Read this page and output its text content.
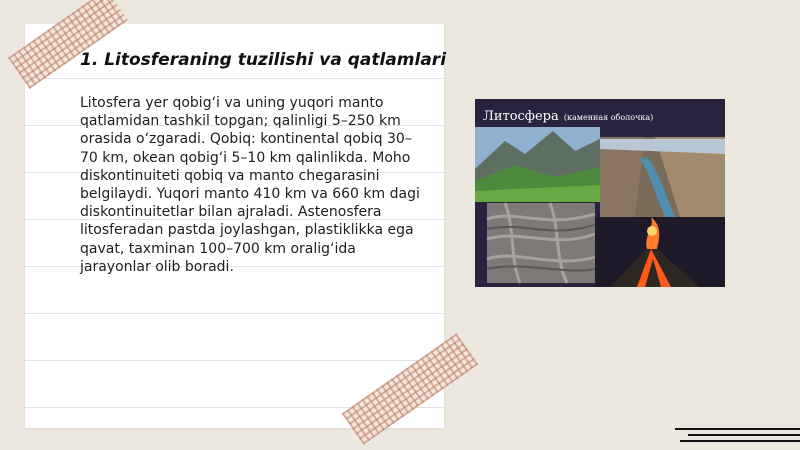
1. Litosferaning tuzilishi va qatlamlari

Litosfera yer qobig‘i va uning yuqori manto qatlamidan tashkil topgan; qalinligi 5–250 km orasida o‘zgaradi. Qobiq: kontinental qobiq 30–70 km, okean qobig‘i 5–10 km qalinlikda. Moho diskontinuiteti qobiq va manto chegarasini belgilaydi. Yuqori manto 410 km va 660 km dagi diskontinuitetlar bilan ajraladi. Astenosfera litosferadan pastda joylashgan, plastiklikka ega qavat, taxminan 100–700 km oralig‘ida jarayonlar olib boradi.

Литосфера (каменная оболочка)
